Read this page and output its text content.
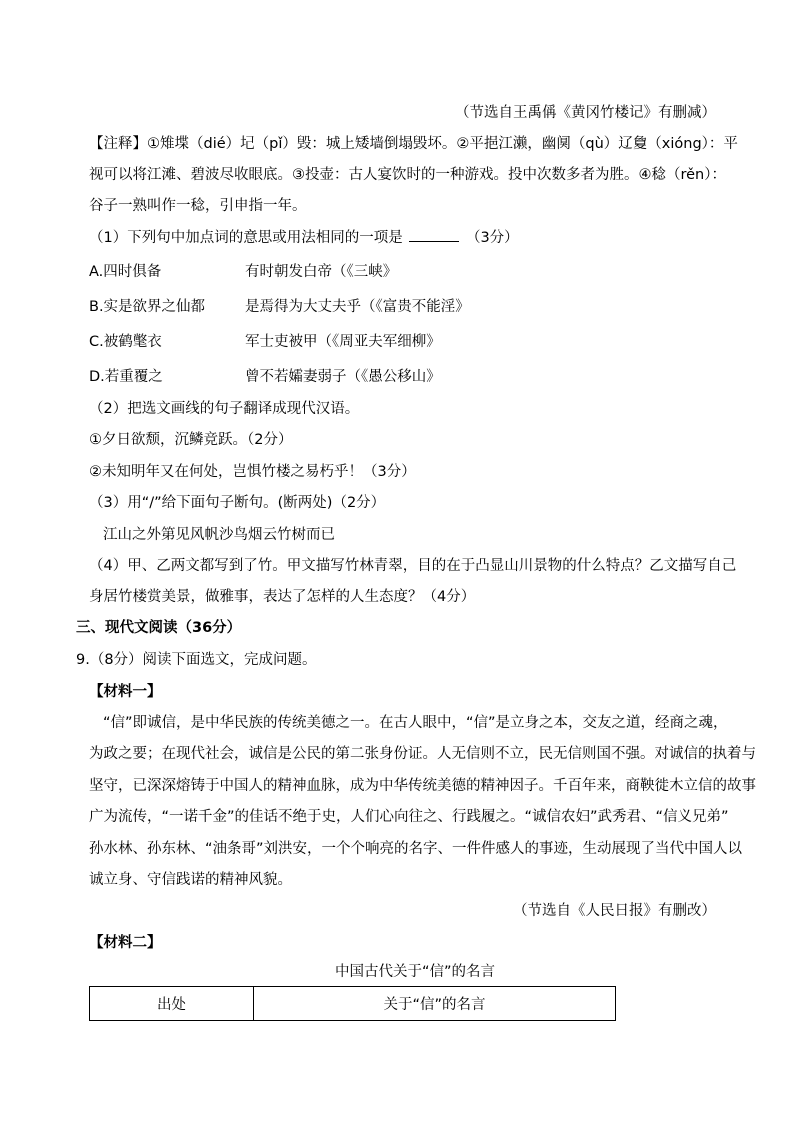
（节选自王禹偁《黄冈竹楼记》有删减）
【注释】①雉堞（dié）圮（pǐ）毁：城上矮墙倒塌毁坏。②平挹江濑，幽阒（qù）辽敻（xióng）：平
视可以将江滩、碧波尽收眼底。③投壶：古人宴饮时的一种游戏。投中次数多者为胜。④稔（rěn）：
谷子一熟叫作一稔，引申指一年。
（1）下列句中加点词的意思或用法相同的一项是	（3分）
A.四时俱备	有时朝发白帝（《三峡》
B.实是欲界之仙都	是焉得为大丈夫乎（《富贵不能淫》
C.被鹤氅衣	军士吏被甲（《周亚夫军细柳》
D.若重覆之	曾不若孀妻弱子（《愚公移山》
（2）把选文画线的句子翻译成现代汉语。
①夕日欲颓，沉鳞竞跃。（2分）
②未知明年又在何处，岂惧竹楼之易朽乎！（3分）
（3）用“/”给下面句子断句。(断两处)（2分）
江山之外第见风帆沙鸟烟云竹树而已
（4）甲、乙两文都写到了竹。甲文描写竹林青翠，目的在于凸显山川景物的什么特点？乙文描写自己
身居竹楼赏美景，做雅事，表达了怎样的人生态度？（4分）
三、现代文阅读（36分）
9.（8分）阅读下面选文，完成问题。
【材料一】
“信”即诚信，是中华民族的传统美德之一。在古人眼中，“信”是立身之本，交友之道，经商之魂，
为政之要；在现代社会，诚信是公民的第二张身份证。人无信则不立，民无信则国不强。对诚信的执着与
坚守，已深深熔铸于中国人的精神血脉，成为中华传统美德的精神因子。千百年来，商鞅徙木立信的故事
广为流传，“一诺千金”的佳话不绝于史，人们心向往之、行践履之。“诚信农妇”武秀君、“信义兄弟”
孙水林、孙东林、“油条哥”刘洪安，一个个响亮的名字、一件件感人的事迹，生动展现了当代中国人以
诚立身、守信践诺的精神风貌。
（节选自《人民日报》有删改）
【材料二】
中国古代关于“信”的名言
出处	关于“信”的名言
